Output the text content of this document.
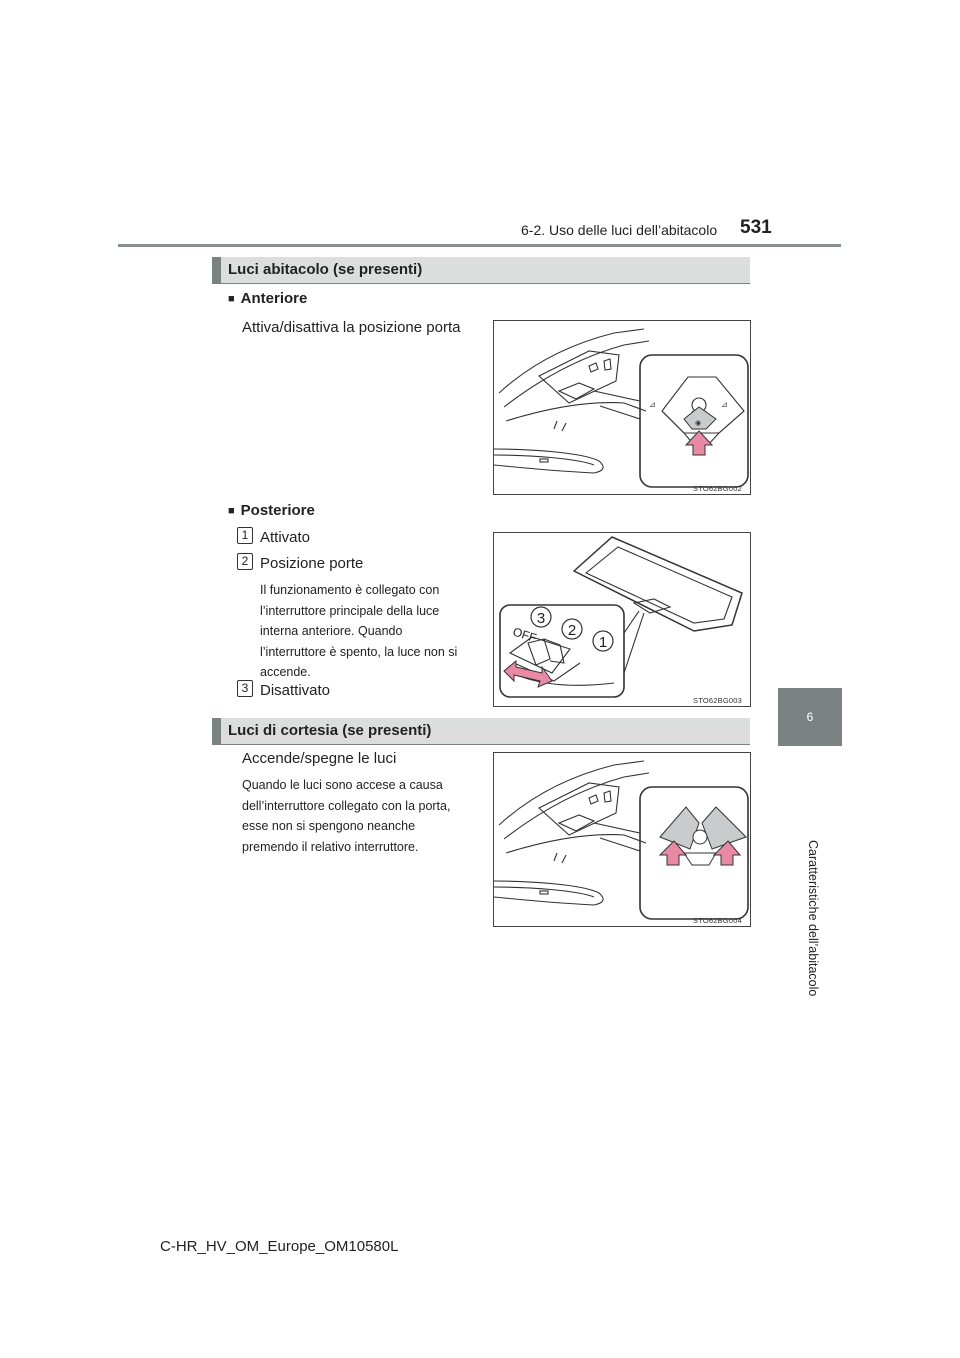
6-2. Uso delle luci dell’abitacolo 531
6
Caratteristiche dell’abitacolo
Luci abitacolo (se presenti)
■ Anteriore
Attiva/disattiva la posizione porta
◉
⊿	⊿
STO62BG002
■ Posteriore
1 Attivato
2 Posizione porte
Il funzionamento è collegato con
l’interruttore principale della luce
interna anteriore. Quando
l’interruttore è spento, la luce non si
accende.
3 Disattivato
3
2
1
OFF
STO62BG003
Luci di cortesia (se presenti)
Accende/spegne le luci
Quando le luci sono accese a causa
dell’interruttore collegato con la porta,
esse non si spengono neanche
premendo il relativo interruttore.
STO62BG004
C-HR_HV_OM_Europe_OM10580L
